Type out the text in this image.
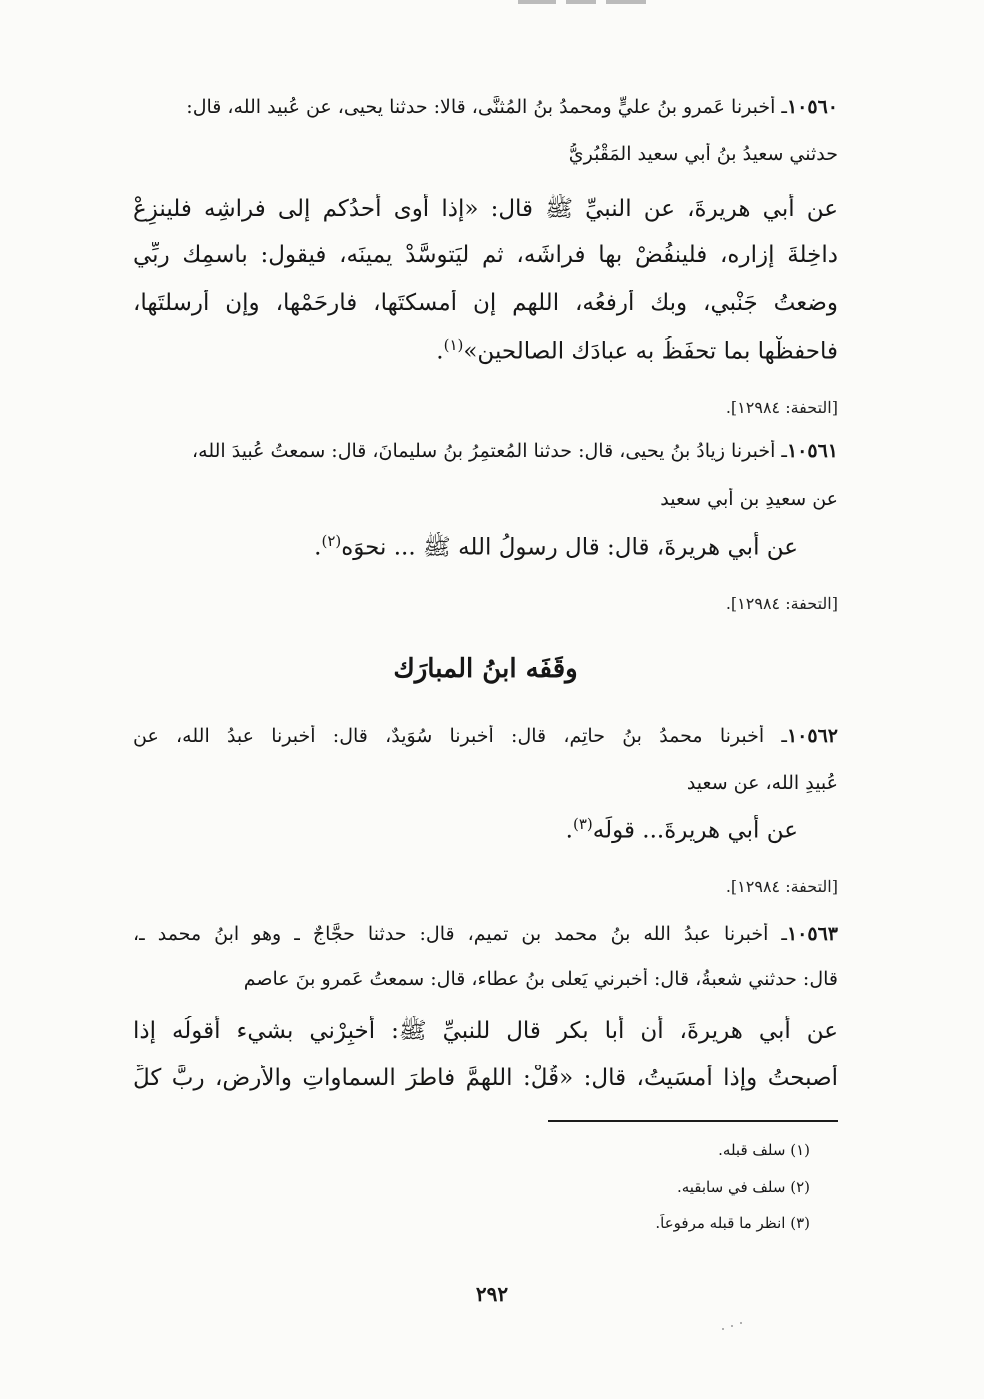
١٠٥٦٠ـ أخبرنا عَمرو بنُ عليٍّ ومحمدُ بنُ المُثنَّى، قالا: حدثنا يحيى، عن عُبيد الله، قال:
حدثني سعيدُ بنُ أبي سعيد المَقْبُريُّ
عن أبي هريرةَ، عن النبيِّ ﷺ قال: «إذا أوى أحدُكم إلى فراشِه فلينزِعْ
داخِلةَ إزارِه، فلينفُضْ بها فراشَه، ثم ليَتوسَّدْ يمينَه، فيقول: باسمِك ربِّي
وضعتُ جَنْبي، وبك أرفعُه، اللهم إن أمسكتَها، فارحَمْها، وإن أرسلتَها،
فاحفظْها بما تحفَظُ به عبادَك الصالحين»$^{(١)}$.
[التحفة: ١٢٩٨٤].
١٠٥٦١ـ أخبرنا زيادُ بنُ يحيى، قال: حدثنا المُعتمِرُ بنُ سليمانَ، قال: سمعتُ عُبيدَ الله،
عن سعيدِ بن أبي سعيد
عن أبي هريرةَ، قال: قال رسولُ الله ﷺ ... نحوَه$^{(٢)}$.
[التحفة: ١٢٩٨٤].
وقَفَه ابنُ المبارَك
١٠٥٦٢ـ أخبرنا محمدُ بنُ حاتِم، قال: أخبرنا سُوَيدٌ، قال: أخبرنا عبدُ الله، عن
عُبيدِ الله، عن سعيد
عن أبي هريرةَ... قولَه$^{(٣)}$.
[التحفة: ١٢٩٨٤].
١٠٥٦٣ـ أخبرنا عبدُ الله بنُ محمد بن تميم، قال: حدثنا حجَّاجٌ ـ وهو ابنُ محمد ـ،
قال: حدثني شعبةُ، قال: أخبرني يَعلى بنُ عطاء، قال: سمعتُ عَمرو بنَ عاصم
عن أبي هريرةَ، أن أبا بكر قال للنبيِّ ﷺ: أخبِرْني بشيء أقولُه إذا
أصبحتُ وإذا أمسَيتُ، قال: «قُلْ: اللهمَّ فاطرَ السماواتِ والأرض، ربَّ كلِّ
(١) سلف قبله.
(٢) سلف في سابقيه.
(٣) انظر ما قبله مرفوعاً.
٢٩٢
